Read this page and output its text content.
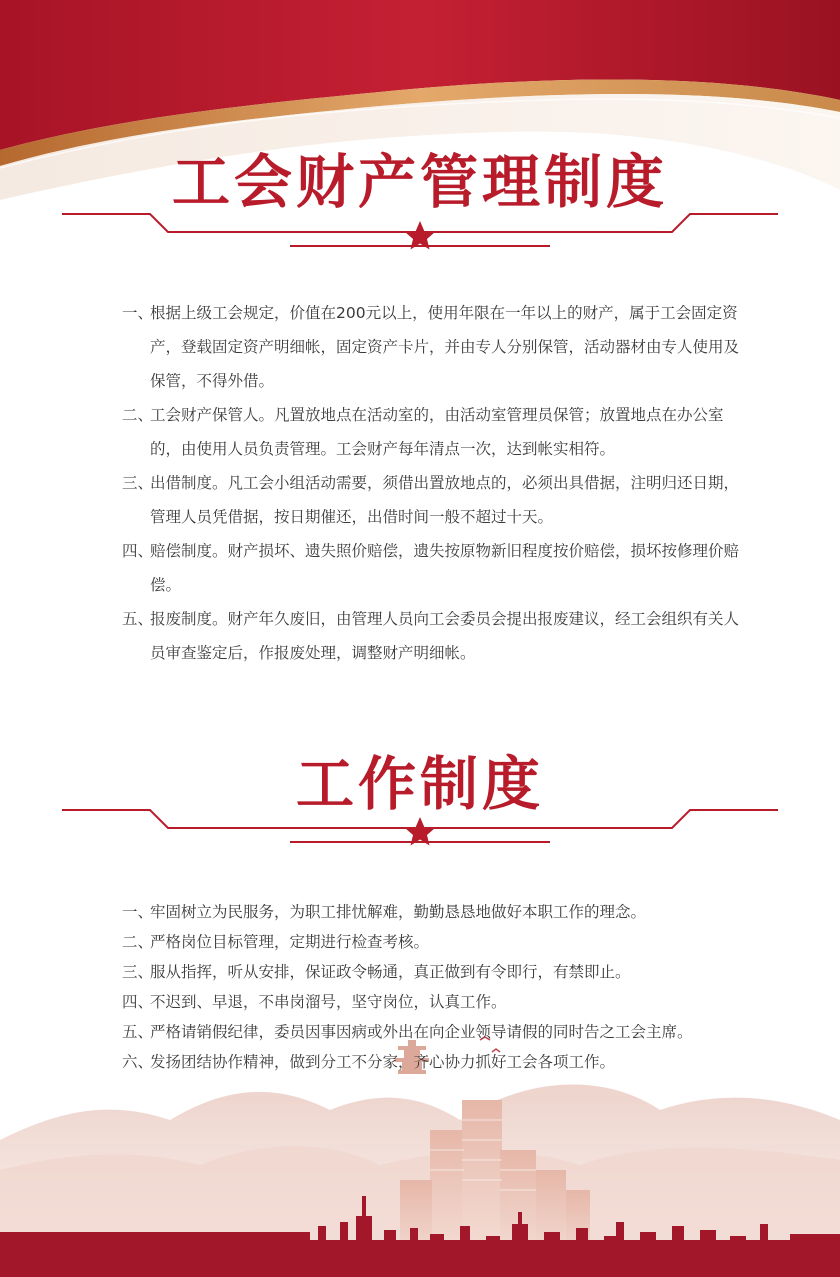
工会财产管理制度
一、
根据上级工会规定，价值在200元以上，使用年限在一年以上的财产，属于工会固定资产，登载固定资产明细帐，固定资产卡片，并由专人分别保管，活动器材由专人使用及保管，不得外借。
二、
工会财产保管人。凡置放地点在活动室的，由活动室管理员保管；放置地点在办公室的，由使用人员负责管理。工会财产每年清点一次，达到帐实相符。
三、
出借制度。凡工会小组活动需要，须借出置放地点的，必须出具借据，注明归还日期，管理人员凭借据，按日期催还，出借时间一般不超过十天。
四、
赔偿制度。财产损坏、遗失照价赔偿，遗失按原物新旧程度按价赔偿，损坏按修理价赔偿。
五、
报废制度。财产年久废旧，由管理人员向工会委员会提出报废建议，经工会组织有关人员审查鉴定后，作报废处理，调整财产明细帐。
工作制度
一、
牢固树立为民服务，为职工排忧解难，勤勤恳恳地做好本职工作的理念。
二、
严格岗位目标管理，定期进行检查考核。
三、
服从指挥，听从安排，保证政令畅通，真正做到有令即行，有禁即止。
四、
不迟到、早退，不串岗溜号，坚守岗位，认真工作。
五、
严格请销假纪律，委员因事因病或外出在向企业领导请假的同时告之工会主席。
六、
发扬团结协作精神，做到分工不分家，齐心协力抓好工会各项工作。
